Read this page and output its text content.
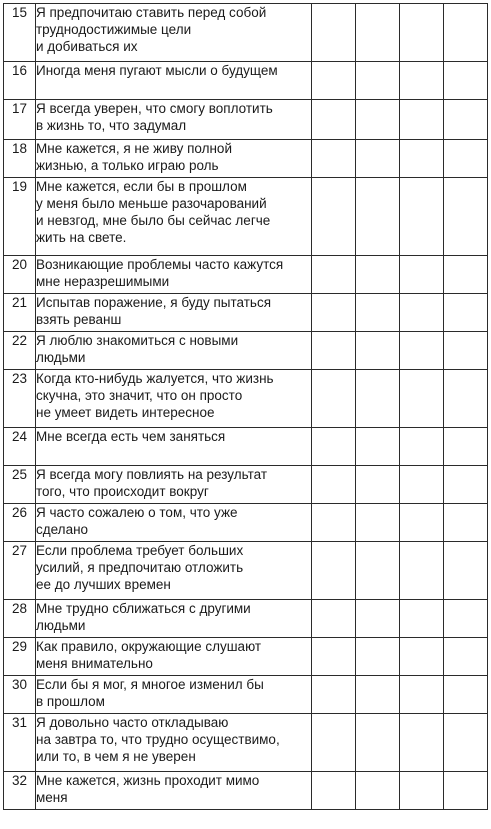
15	Я предпочитаю ставить перед собой
труднодостижимые цели
и добиваться их				
16	Иногда меня пугают мысли о будущем				
17	Я всегда уверен, что смогу воплотить
в жизнь то, что задумал				
18	Мне кажется, я не живу полной
жизнью, а только играю роль				
19	Мне кажется, если бы в прошлом
у меня было меньше разочарований
и невзгод, мне было бы сейчас легче
жить на свете.				
20	Возникающие проблемы часто кажутся
мне неразрешимыми				
21	Испытав поражение, я буду пытаться
взять реванш				
22	Я люблю знакомиться с новыми
людьми				
23	Когда кто-нибудь жалуется, что жизнь
скучна, это значит, что он просто
не умеет видеть интересное				
24	Мне всегда есть чем заняться				
25	Я всегда могу повлиять на результат
того, что происходит вокруг				
26	Я часто сожалею о том, что уже
сделано				
27	Если проблема требует больших
усилий, я предпочитаю отложить
ее до лучших времен				
28	Мне трудно сближаться с другими
людьми				
29	Как правило, окружающие слушают
меня внимательно				
30	Если бы я мог, я многое изменил бы
в прошлом				
31	Я довольно часто откладываю
на завтра то, что трудно осуществимо,
или то, в чем я не уверен				
32	Мне кажется, жизнь проходит мимо
меня				
